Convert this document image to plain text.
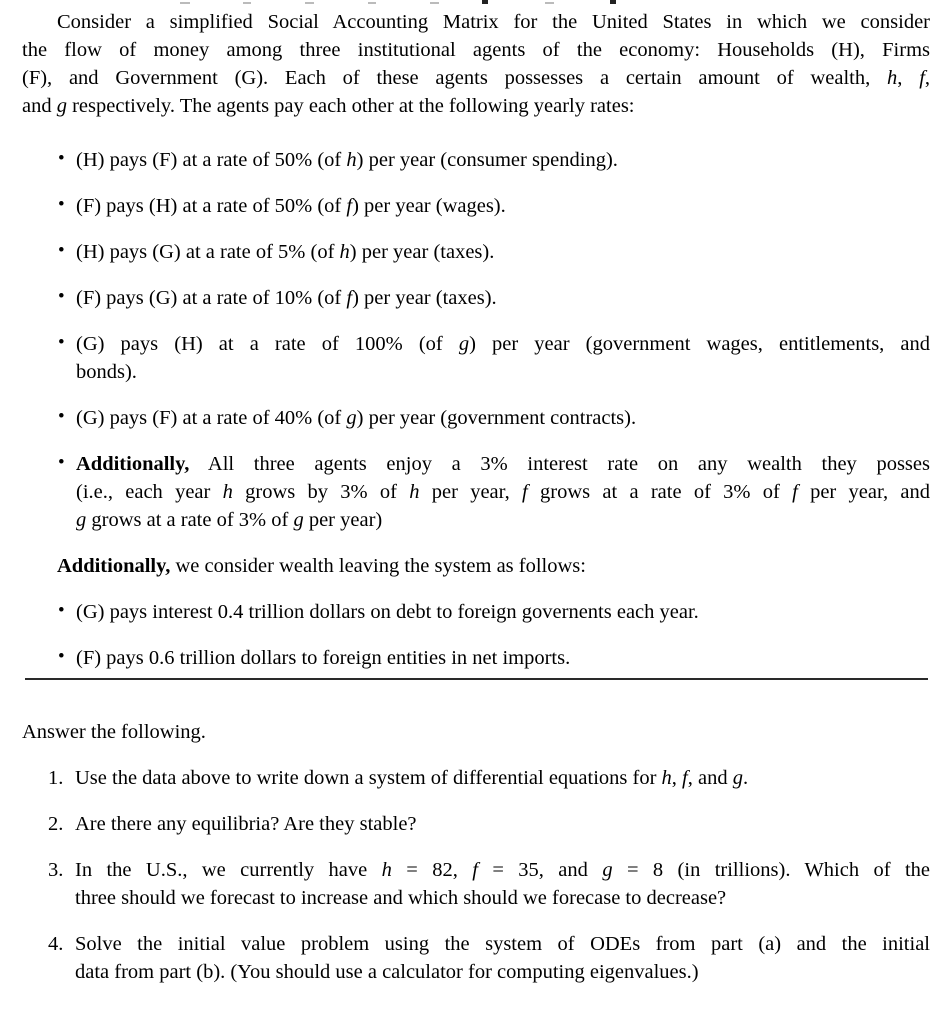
Consider a simplified Social Accounting Matrix for the United States in which we consider
the flow of money among three institutional agents of the economy: Households (H), Firms
(F), and Government (G). Each of these agents possesses a certain amount of wealth, h, f,
and g respectively. The agents pay each other at the following yearly rates:
• (H) pays (F) at a rate of 50% (of h) per year (consumer spending).
• (F) pays (H) at a rate of 50% (of f) per year (wages).
• (H) pays (G) at a rate of 5% (of h) per year (taxes).
• (F) pays (G) at a rate of 10% (of f) per year (taxes).
• (G) pays (H) at a rate of 100% (of g) per year (government wages, entitlements, and
bonds).
• (G) pays (F) at a rate of 40% (of g) per year (government contracts).
• Additionally, All three agents enjoy a 3% interest rate on any wealth they posses
(i.e., each year h grows by 3% of h per year, f grows at a rate of 3% of f per year, and
g grows at a rate of 3% of g per year)
Additionally, we consider wealth leaving the system as follows:
• (G) pays interest 0.4 trillion dollars on debt to foreign governents each year.
• (F) pays 0.6 trillion dollars to foreign entities in net imports.
Answer the following.
1. Use the data above to write down a system of differential equations for h, f, and g.
2. Are there any equilibria? Are they stable?
3. In the U.S., we currently have h = 82, f = 35, and g = 8 (in trillions). Which of the
three should we forecast to increase and which should we forecase to decrease?
4. Solve the initial value problem using the system of ODEs from part (a) and the initial
data from part (b). (You should use a calculator for computing eigenvalues.)
